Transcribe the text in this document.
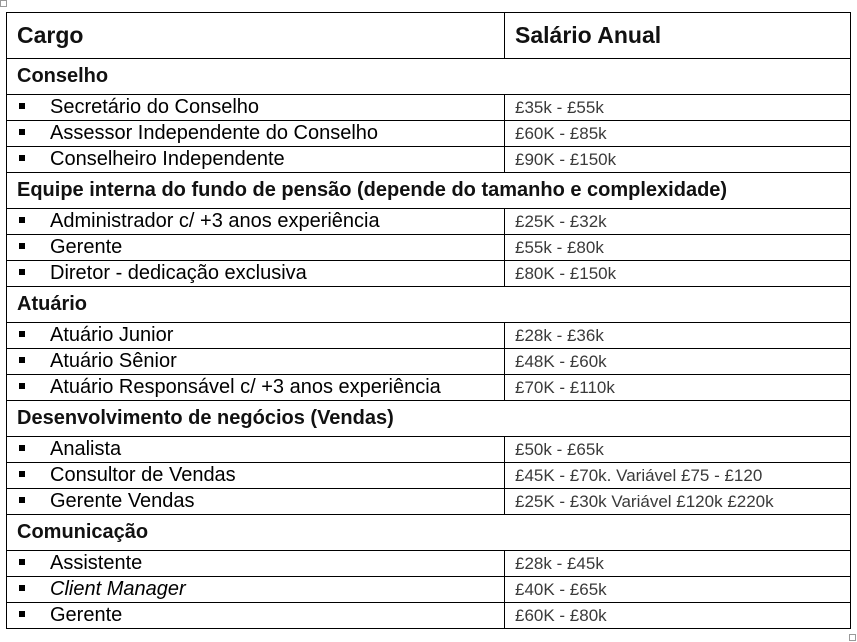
Cargo	Salário Anual
Conselho	
Secretário do Conselho	£35k - £55k
Assessor Independente do Conselho	£60K - £85k
Conselheiro Independente	£90K - £150k
Equipe interna do fundo de pensão (depende do tamanho e complexidade)	
Administrador c/ +3 anos experiência	£25K - £32k
Gerente	£55k - £80k
Diretor - dedicação exclusiva	£80K - £150k
Atuário	
Atuário Junior	£28k - £36k
Atuário Sênior	£48K - £60k
Atuário Responsável c/ +3 anos experiência	£70K - £110k
Desenvolvimento de negócios (Vendas)	
Analista	£50k - £65k
Consultor de Vendas	£45K - £70k. Variável £75 - £120
Gerente Vendas	£25K - £30k Variável £120k £220k
Comunicação	
Assistente	£28k - £45k
Client Manager	£40K - £65k
Gerente	£60K - £80k
